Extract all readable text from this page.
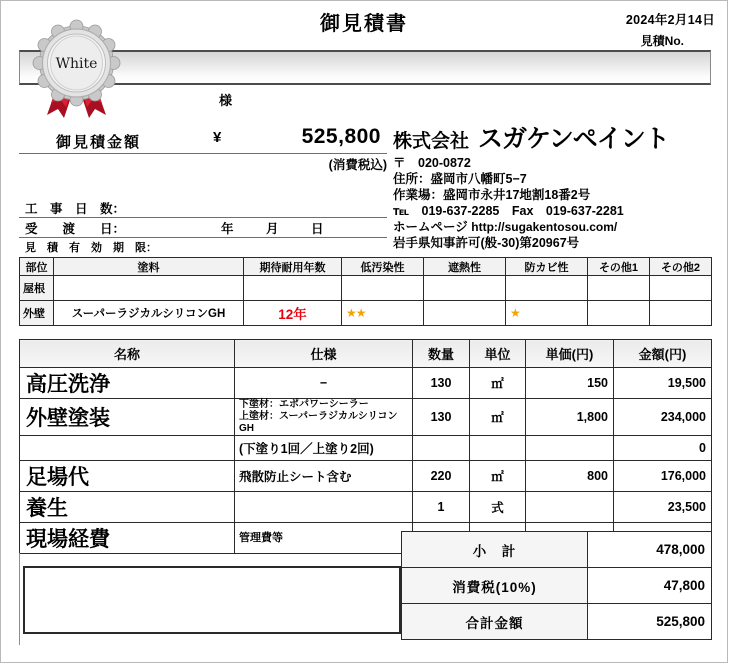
2024年2月14日
見積No.
御見積書
White
様
御見積金額	¥	525,800
(消費税込)
工　事　日　数：
受　　渡　　日：	年　月　日
見　積　有　効　期　限：
株式会社 スガケンペイント
〒　020-0872
住所：盛岡市八幡町5−7
作業場：盛岡市永井17地割18番2号
℡　019-637-2285　Fax　019-637-2281
ホームページ http://sugakentosou.com/
岩手県知事許可(般-30)第20967号
部位	塗料	期待耐用年数	低汚染性	遮熱性	防カビ性	その他1	その他2
屋根							
外壁	スーパーラジカルシリコンGH	12年	★★		★		
名称	仕様	数量	単位	単価(円)	金額(円)
高圧洗浄	−	130	㎡	150	19,500
外壁塗装	下塗材：エポパワーシーラー
上塗材：スーパーラジカルシリコンGH	130	㎡	1,800	234,000
	(下塗り1回／上塗り2回)				0
足場代	飛散防止シート含む	220	㎡	800	176,000
養生		1	式		23,500
現場経費	管理費等				
小　計	478,000
消費税(10%)	47,800
合計金額	525,800
